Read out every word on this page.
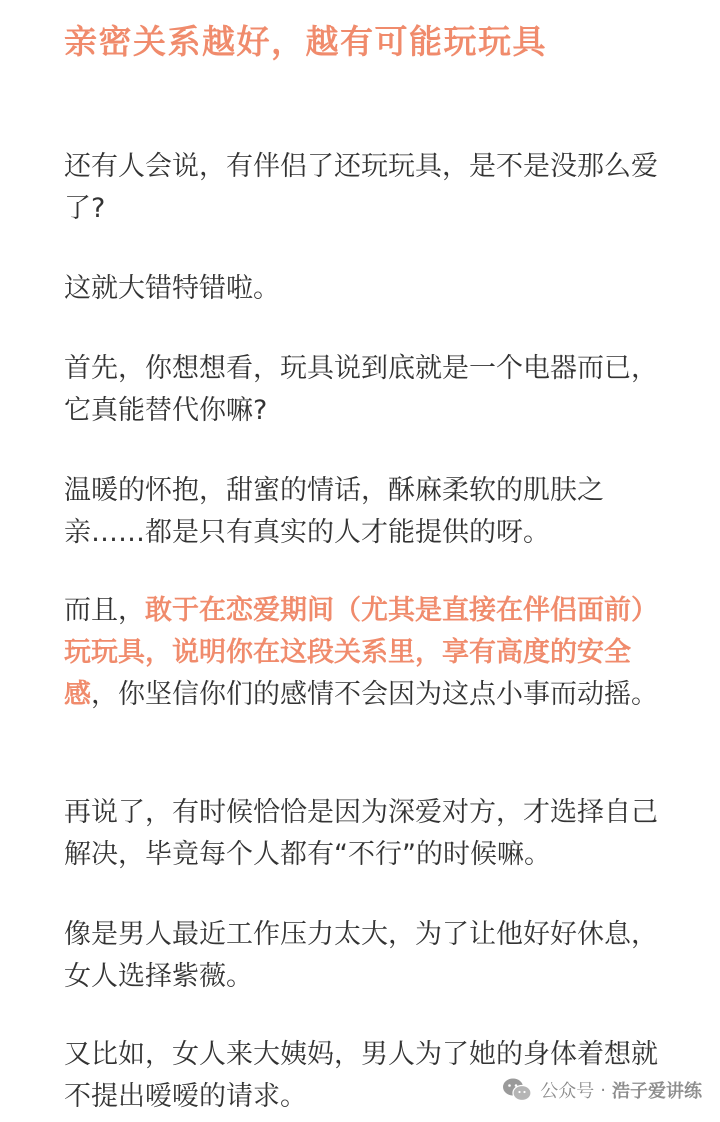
亲密关系越好，越有可能玩玩具

还有人会说，有伴侣了还玩玩具，是不是没那么爱了?

这就大错特错啦。

首先，你想想看，玩具说到底就是一个电器而已，它真能替代你嘛?

温暖的怀抱，甜蜜的情话，酥麻柔软的肌肤之亲……都是只有真实的人才能提供的呀。

而且，敢于在恋爱期间（尤其是直接在伴侣面前）玩玩具，说明你在这段关系里，享有高度的安全感，你坚信你们的感情不会因为这点小事而动摇。

再说了，有时候恰恰是因为深爱对方，才选择自己解决，毕竟每个人都有“不行”的时候嘛。

像是男人最近工作压力太大，为了让他好好休息，女人选择紫薇。

又比如，女人来大姨妈，男人为了她的身体着想就不提出嗳嗳的请求。	公众号 · 浩子爱讲练
